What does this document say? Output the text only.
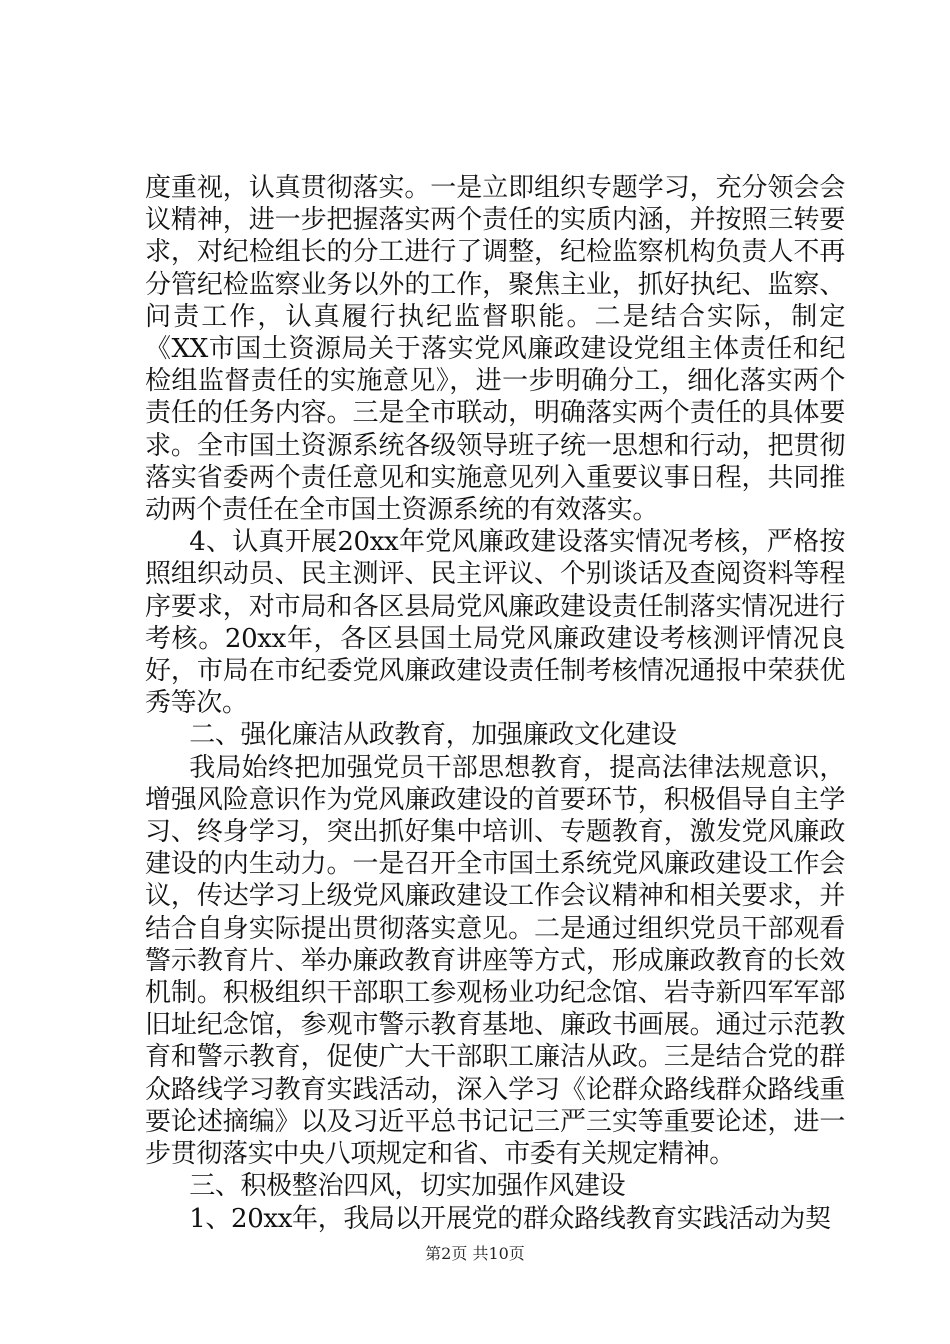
度重视，认真贯彻落实。一是立即组织专题学习，充分领会会议精神，进一步把握落实两个责任的实质内涵，并按照三转要求，对纪检组长的分工进行了调整，纪检监察机构负责人不再分管纪检监察业务以外的工作，聚焦主业，抓好执纪、监察、问责工作，认真履行执纪监督职能。二是结合实际，制定《XX市国土资源局关于落实党风廉政建设党组主体责任和纪检组监督责任的实施意见》，进一步明确分工，细化落实两个责任的任务内容。三是全市联动，明确落实两个责任的具体要求。全市国土资源系统各级领导班子统一思想和行动，把贯彻落实省委两个责任意见和实施意见列入重要议事日程，共同推动两个责任在全市国土资源系统的有效落实。

4、认真开展20xx年党风廉政建设落实情况考核，严格按照组织动员、民主测评、民主评议、个别谈话及查阅资料等程序要求，对市局和各区县局党风廉政建设责任制落实情况进行考核。20xx年，各区县国土局党风廉政建设考核测评情况良好，市局在市纪委党风廉政建设责任制考核情况通报中荣获优秀等次。

二、强化廉洁从政教育，加强廉政文化建设

我局始终把加强党员干部思想教育，提高法律法规意识，增强风险意识作为党风廉政建设的首要环节，积极倡导自主学习、终身学习，突出抓好集中培训、专题教育，激发党风廉政建设的内生动力。一是召开全市国土系统党风廉政建设工作会议，传达学习上级党风廉政建设工作会议精神和相关要求，并结合自身实际提出贯彻落实意见。二是通过组织党员干部观看警示教育片、举办廉政教育讲座等方式，形成廉政教育的长效机制。积极组织干部职工参观杨业功纪念馆、岩寺新四军军部旧址纪念馆，参观市警示教育基地、廉政书画展。通过示范教育和警示教育，促使广大干部职工廉洁从政。三是结合党的群众路线学习教育实践活动，深入学习《论群众路线群众路线重要论述摘编》以及习近平总书记记三严三实等重要论述，进一步贯彻落实中央八项规定和省、市委有关规定精神。

三、积极整治四风，切实加强作风建设

1、20xx年，我局以开展党的群众路线教育实践活动为契

第2页 共10页
